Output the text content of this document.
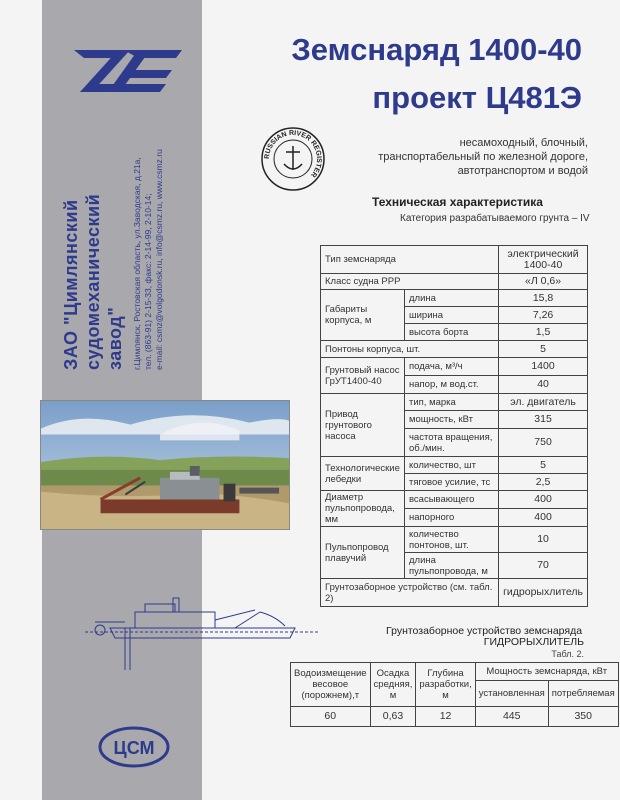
ЗАО "Цимлянский судомеханический завод" г.Цимлянск, Ростовская область, ул.Заводская, д.21а, тел. (863-91) 2-15-33, факс: 2-14-99, 2-10-14; e-mail: csmz@volgodonsk.ru, info@csmz.ru, www.csmz.ru
Земснаряд 1400-40
проект Ц481Э
RUSSIAN RIVER REGISTER
несамоходный, блочный,
транспортабельный по железной дороге,
автотранспортом и водой
Техническая характеристика
Категория разрабатываемого грунта – IV
Тип земснаряда		электрический 1400-40
Класс судна РРР		«Л 0,6»
Габариты корпуса, м	длина	15,8
	ширина	7,26
	высота борта	1,5
Понтоны корпуса, шт.		5
Грунтовый насос ГрУТ1400-40	подача, м³/ч	1400
	напор, м вод.ст.	40
Привод грунтового насоса	тип, марка	эл. двигатель
	мощность, кВт	315
	частота вращения, об./мин.	750
Технологические лебедки	количество, шт	5
	тяговое усилие, тс	2,5
Диаметр пульпопровода, мм	всасывающего	400
	напорного	400
Пульпопровод плавучий	количество понтонов, шт.	10
	длина пульпопровода, м	70
Грунтозаборное устройство (см. табл. 2)		гидрорыхлитель
Грунтозаборное устройство земснаряда
ГИДРОРЫХЛИТЕЛЬ
Табл. 2.
Водоизмещение весовое (порожнем),т	Осадка средняя, м	Глубина разработки, м	Мощность земснаряда, кВт	
			установленная	потребляемая
60	0,63	12	445	350
ЦСМ
